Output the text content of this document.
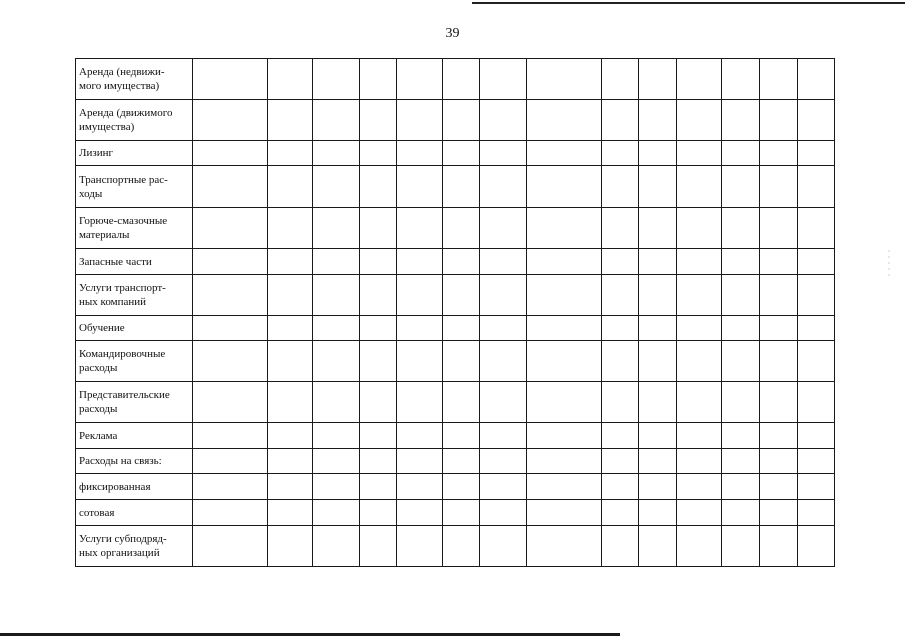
39
Аренда (недвижи-
мого имущества)														
Аренда (движимого
имущества)														
Лизинг														
Транспортные рас-
ходы														
Горюче-смазочные
материалы														
Запасные части														
Услуги транспорт-
ных компаний														
Обучение														
Командировочные
расходы														
Представительские
расходы														
Реклама														
Расходы на связь:														
фиксированная														
сотовая														
Услуги субподряд-
ных организаций														
